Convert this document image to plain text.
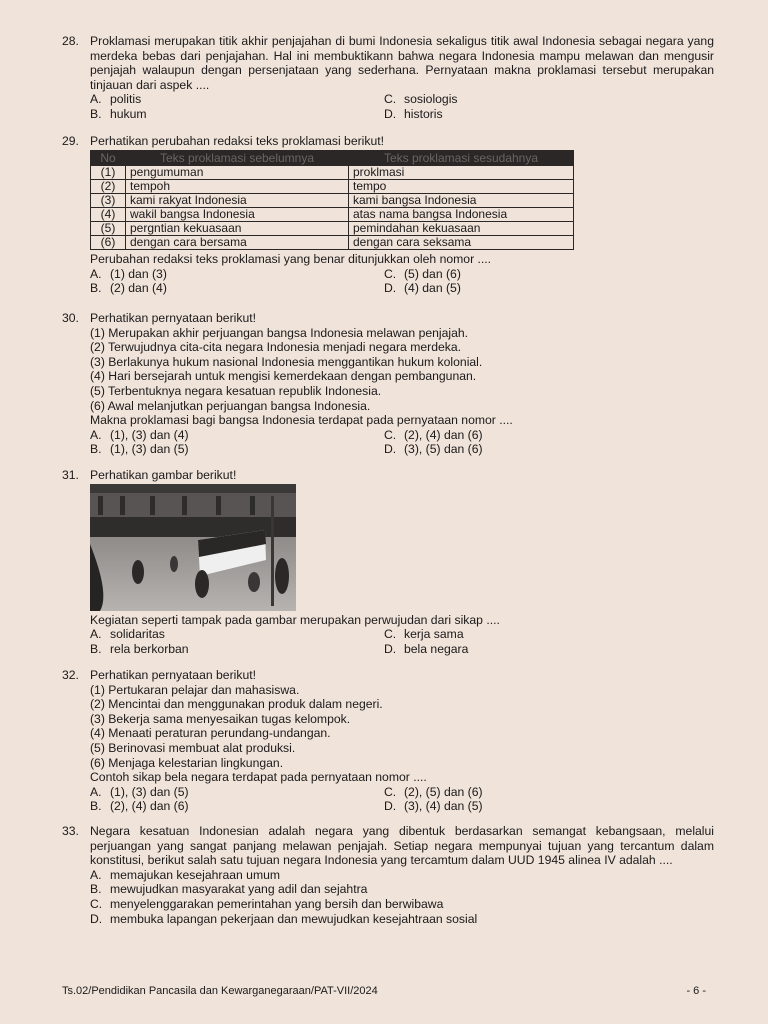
28. Proklamasi merupakan titik akhir penjajahan di bumi Indonesia sekaligus titik awal Indonesia sebagai negara yang merdeka bebas dari penjajahan. Hal ini membuktikann bahwa negara Indonesia mampu melawan dan mengusir penjajah walaupun dengan persenjataan yang sederhana. Pernyataan makna proklamasi tersebut merupakan tinjauan dari aspek ....
A. politis	C. sosiologis
B. hukum	D. historis
29. Perhatikan perubahan redaksi teks proklamasi berikut!
No	Teks proklamasi sebelumnya	Teks proklamasi sesudahnya
(1)	pengumuman	proklmasi
(2)	tempoh	tempo
(3)	kami rakyat Indonesia	kami bangsa Indonesia
(4)	wakil bangsa Indonesia	atas nama bangsa Indonesia
(5)	pergntian kekuasaan	pemindahan kekuasaan
(6)	dengan cara bersama	dengan cara seksama
Perubahan redaksi teks proklamasi yang benar ditunjukkan oleh nomor ....
A. (1) dan (3)	C. (5) dan (6)
B. (2) dan (4)	D. (4) dan (5)
30. Perhatikan pernyataan berikut!
(1) Merupakan akhir perjuangan bangsa Indonesia melawan penjajah.
(2) Terwujudnya cita-cita negara Indonesia menjadi negara merdeka.
(3) Berlakunya hukum nasional Indonesia menggantikan hukum kolonial.
(4) Hari bersejarah untuk mengisi kemerdekaan dengan pembangunan.
(5) Terbentuknya negara kesatuan republik Indonesia.
(6) Awal melanjutkan perjuangan bangsa Indonesia.
Makna proklamasi bagi bangsa Indonesia terdapat pada pernyataan nomor ....
A. (1), (3) dan (4)	C. (2), (4) dan (6)
B. (1), (3) dan (5)	D. (3), (5) dan (6)
31. Perhatikan gambar berikut!
Kegiatan seperti tampak pada gambar merupakan perwujudan dari sikap ....
A. solidaritas	C. kerja sama
B. rela berkorban	D. bela negara
32. Perhatikan pernyataan berikut!
(1) Pertukaran pelajar dan mahasiswa.
(2) Mencintai dan menggunakan produk dalam negeri.
(3) Bekerja sama menyesaikan tugas kelompok.
(4) Menaati peraturan perundang-undangan.
(5) Berinovasi membuat alat produksi.
(6) Menjaga kelestarian lingkungan.
Contoh sikap bela negara terdapat pada pernyataan nomor ....
A. (1), (3) dan (5)	C. (2), (5) dan (6)
B. (2), (4) dan (6)	D. (3), (4) dan (5)
33. Negara kesatuan Indonesian adalah negara yang dibentuk berdasarkan semangat kebangsaan, melalui perjuangan yang sangat panjang melawan penjajah. Setiap negara mempunyai tujuan yang tercantum dalam konstitusi, berikut salah satu tujuan negara Indonesia yang tercamtum dalam UUD 1945 alinea IV adalah ....
A. memajukan kesejahraan umum
B. mewujudkan masyarakat yang adil dan sejahtra
C. menyelenggarakan pemerintahan yang bersih dan berwibawa
D. membuka lapangan pekerjaan dan mewujudkan kesejahtraan sosial
Ts.02/Pendidikan Pancasila dan Kewarganegaraan/PAT-VII/2024	- 6 -
